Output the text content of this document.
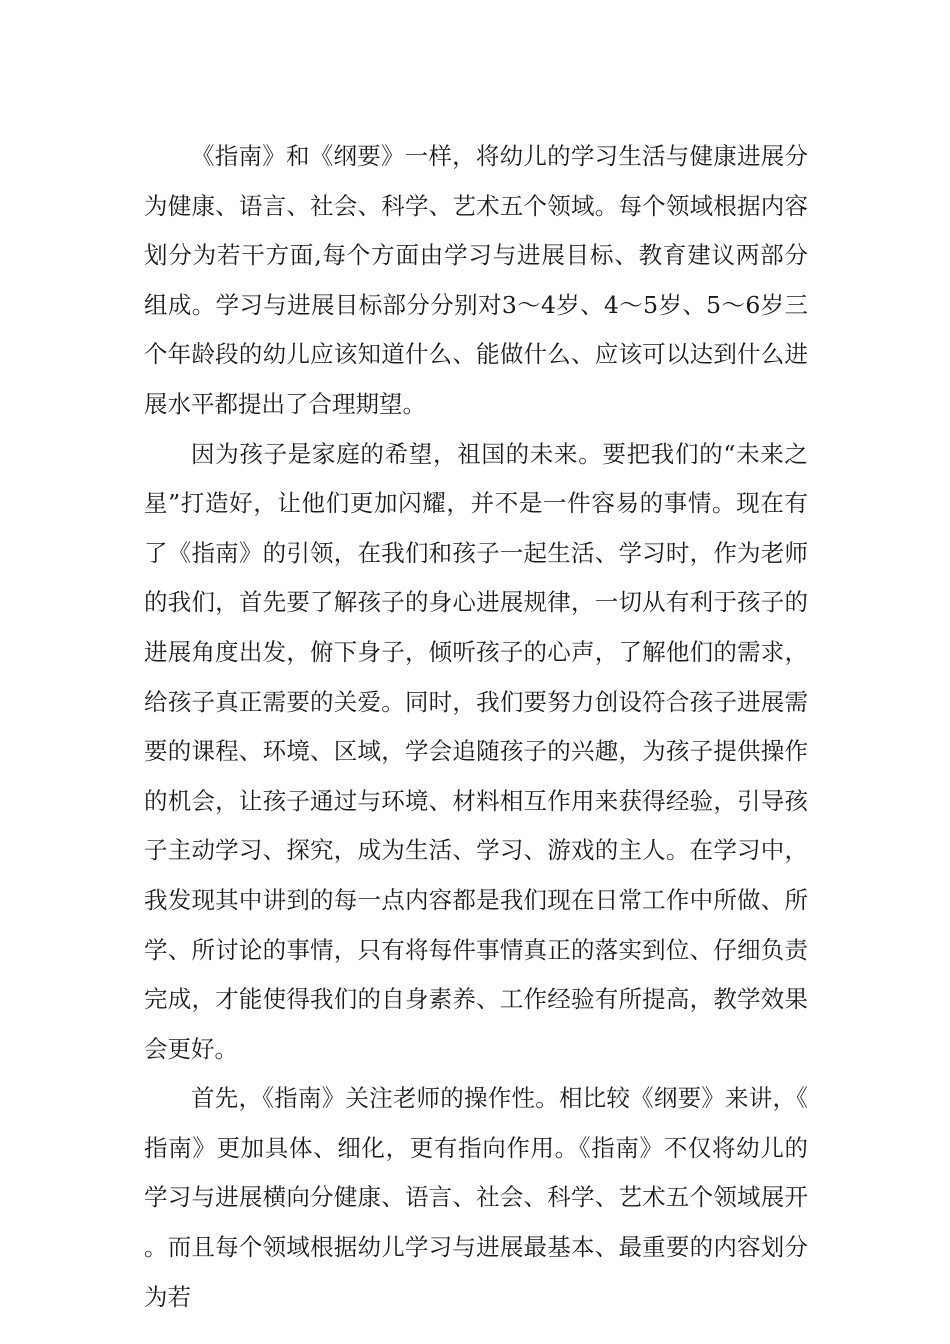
《指南》和《纲要》一样，将幼儿的学习生活与健康进展分为健康、语言、社会、科学、艺术五个领域。每个领域根据内容划分为若干方面,每个方面由学习与进展目标、教育建议两部分组成。学习与进展目标部分分别对3～4岁、4～5岁、5～6岁三个年龄段的幼儿应该知道什么、能做什么、应该可以达到什么进展水平都提出了合理期望。

因为孩子是家庭的希望，祖国的未来。要把我们的“未来之星”打造好，让他们更加闪耀，并不是一件容易的事情。现在有了《指南》的引领，在我们和孩子一起生活、学习时，作为老师的我们，首先要了解孩子的身心进展规律，一切从有利于孩子的进展角度出发，俯下身子，倾听孩子的心声，了解他们的需求，给孩子真正需要的关爱。同时，我们要努力创设符合孩子进展需要的课程、环境、区域，学会追随孩子的兴趣，为孩子提供操作的机会，让孩子通过与环境、材料相互作用来获得经验，引导孩子主动学习、探究，成为生活、学习、游戏的主人。在学习中，我发现其中讲到的每一点内容都是我们现在日常工作中所做、所学、所讨论的事情，只有将每件事情真正的落实到位、仔细负责完成，才能使得我们的自身素养、工作经验有所提高，教学效果会更好。

首先，《指南》关注老师的操作性。相比较《纲要》来讲，《指南》更加具体、细化，更有指向作用。《指南》不仅将幼儿的学习与进展横向分健康、语言、社会、科学、艺术五个领域展开。而且每个领域根据幼儿学习与进展最基本、最重要的内容划分为若
